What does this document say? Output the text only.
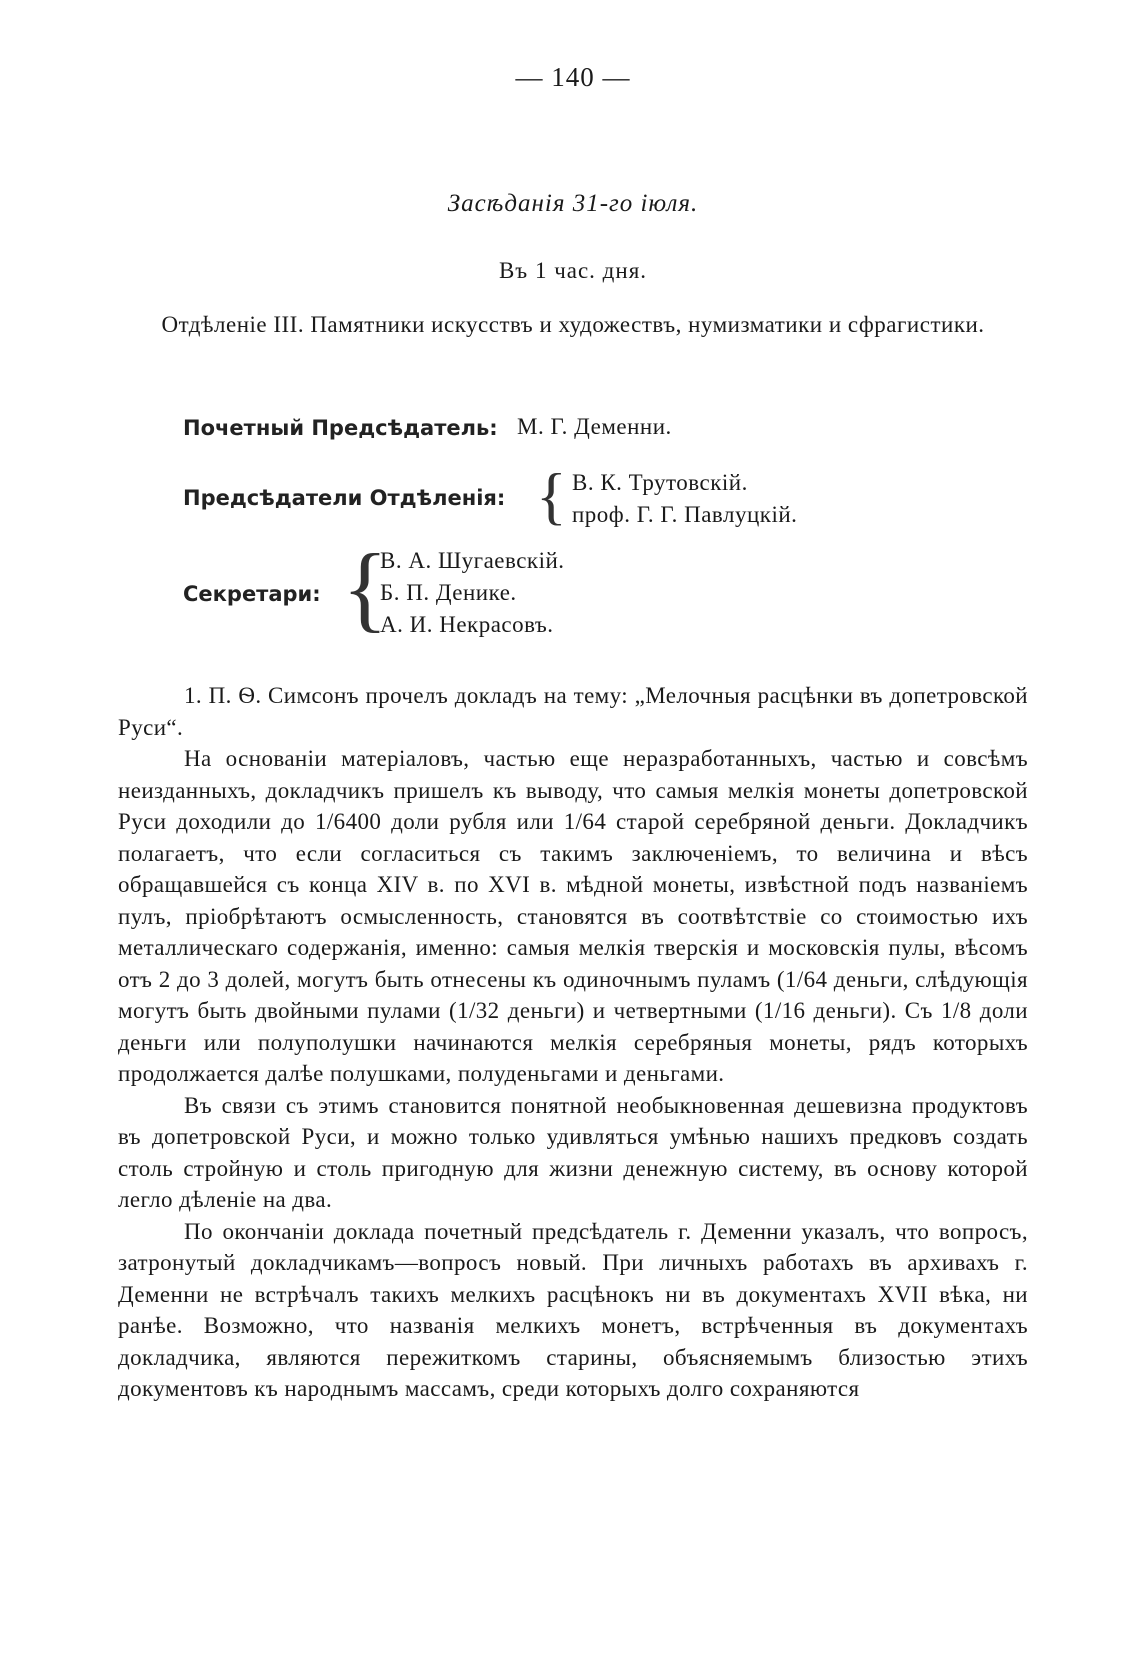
— 140 —
Засѣданія 31-го іюля.
Въ 1 час. дня.
Отдѣленіе III. Памятники искусствъ и художествъ, нумизматики и сфрагистики.
Почетный Предсѣдатель: М. Г. Деменни.
Предсѣдатели Отдѣленія: { В. К. Трутовскій.
проф. Г. Г. Павлуцкій.
Секретари: {
В. А. Шугаевскій.
Б. П. Денике.
А. И. Некрасовъ.

1. П. Ѳ. Симсонъ прочелъ докладъ на тему: „Мелочныя расцѣнки въ допетровской Руси“.

На основаніи матеріаловъ, частью еще неразработанныхъ, частью и совсѣмъ неизданныхъ, докладчикъ пришелъ къ выводу, что самыя мелкія монеты допетровской Руси доходили до 1/6400 доли рубля или 1/64 старой серебряной деньги. Докладчикъ полагаетъ, что если согласиться съ такимъ заключеніемъ, то величина и вѣсъ обращавшейся съ конца XIV в. по XVI в. мѣдной монеты, извѣстной подъ названіемъ пулъ, пріобрѣтаютъ осмысленность, становятся въ соотвѣтствіе со стоимостью ихъ металлическаго содержанія, именно: самыя мелкія тверскія и московскія пулы, вѣсомъ отъ 2 до 3 долей, могутъ быть отнесены къ одиночнымъ пуламъ (1/64 деньги, слѣдующія могутъ быть двойными пулами (1/32 деньги) и четвертными (1/16 деньги). Съ 1/8 доли деньги или полуполушки начинаются мелкія серебряныя монеты, рядъ которыхъ продолжается далѣе полушками, полуденьгами и деньгами.

Въ связи съ этимъ становится понятной необыкновенная дешевизна продуктовъ въ допетровской Руси, и можно только удивляться умѣнью нашихъ предковъ создать столь стройную и столь пригодную для жизни денежную систему, въ основу которой легло дѣленіе на два.

По окончаніи доклада почетный предсѣдатель г. Деменни указалъ, что вопросъ, затронутый докладчикамъ—вопросъ новый. При личныхъ работахъ въ архивахъ г. Деменни не встрѣчалъ такихъ мелкихъ расцѣнокъ ни въ документахъ XVII вѣка, ни ранѣе. Возможно, что названія мелкихъ монетъ, встрѣченныя въ документахъ докладчика, являются пережиткомъ старины, объясняемымъ близостью этихъ документовъ къ народнымъ массамъ, среди которыхъ долго сохраняются
